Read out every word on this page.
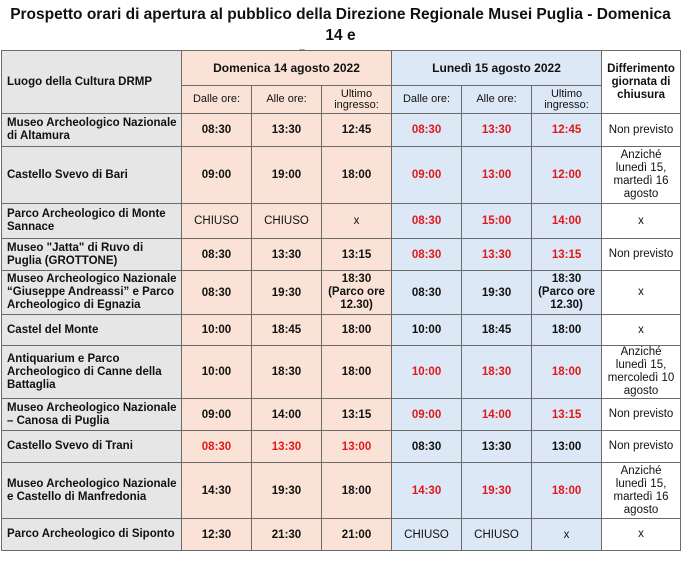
Prospetto orari di apertura al pubblico della Direzione Regionale Musei Puglia - Domenica 14 e
Luogo della Cultura DRMP	Domenica 14 agosto 2022			Lunedì 15 agosto 2022			Differimento giornata di chiusura
	Dalle ore:	Alle ore:	Ultimo ingresso:	Dalle ore:	Alle ore:	Ultimo ingresso:	
Museo Archeologico Nazionale di Altamura	08:30	13:30	12:45	08:30	13:30	12:45	Non previsto
Castello Svevo di Bari	09:00	19:00	18:00	09:00	13:00	12:00	Anziché lunedì 15, martedì 16 agosto
Parco Archeologico di Monte Sannace	CHIUSO	CHIUSO	x	08:30	15:00	14:00	x
Museo "Jatta" di Ruvo di Puglia (GROTTONE)	08:30	13:30	13:15	08:30	13:30	13:15	Non previsto
Museo Archeologico Nazionale “Giuseppe Andreassi” e Parco Archeologico di Egnazia	08:30	19:30	18:30 (Parco ore 12.30)	08:30	19:30	18:30 (Parco ore 12.30)	x
Castel del Monte	10:00	18:45	18:00	10:00	18:45	18:00	x
Antiquarium e Parco Archeologico di Canne della Battaglia	10:00	18:30	18:00	10:00	18:30	18:00	Anziché lunedì 15, mercoledì 10 agosto
Museo Archeologico Nazionale – Canosa di Puglia	09:00	14:00	13:15	09:00	14:00	13:15	Non previsto
Castello Svevo di Trani	08:30	13:30	13:00	08:30	13:30	13:00	Non previsto
Museo Archeologico Nazionale e Castello di Manfredonia	14:30	19:30	18:00	14:30	19:30	18:00	Anziché lunedì 15, martedì 16 agosto
Parco Archeologico di Siponto	12:30	21:30	21:00	CHIUSO	CHIUSO	x	x
